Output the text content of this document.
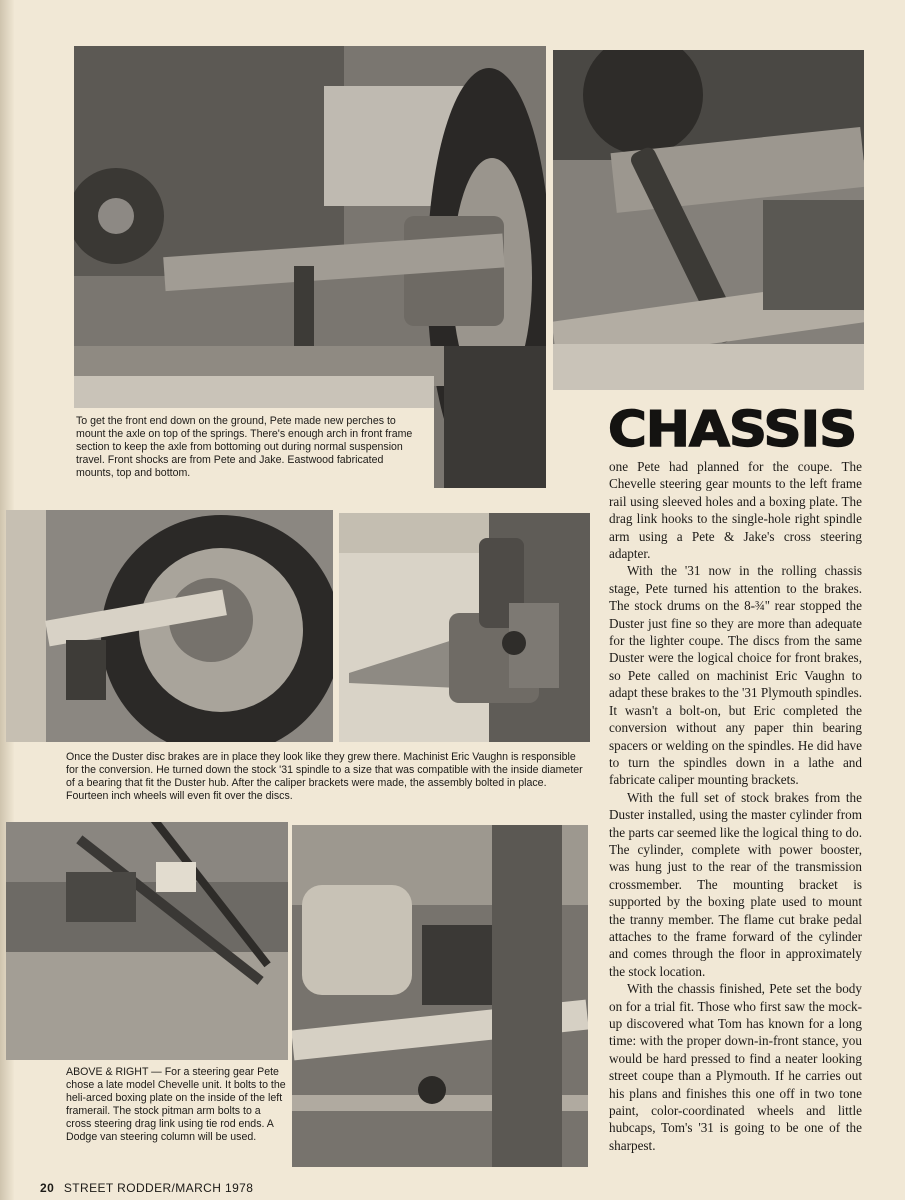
To get the front end down on the ground, Pete made new perches to mount the axle on top of the springs. There's enough arch in front frame section to keep the axle from bottoming out during normal suspension travel. Front shocks are from Pete and Jake. Eastwood fabricated mounts, top and bottom.

CHASSIS

Once the Duster disc brakes are in place they look like they grew there. Machinist Eric Vaughn is responsible for the conversion. He turned down the stock '31 spindle to a size that was compatible with the inside diameter of a bearing that fit the Duster hub. After the caliper brackets were made, the assembly bolted in place. Fourteen inch wheels will even fit over the discs.

ABOVE & RIGHT — For a steering gear Pete chose a late model Chevelle unit. It bolts to the heli-arced boxing plate on the inside of the left framerail. The stock pitman arm bolts to a cross steering drag link using tie rod ends. A Dodge van steering column will be used.

one Pete had planned for the coupe. The Chevelle steering gear mounts to the left frame rail using sleeved holes and a boxing plate. The drag link hooks to the single-hole right spindle arm using a Pete & Jake's cross steering adapter.

With the '31 now in the rolling chassis stage, Pete turned his attention to the brakes. The stock drums on the 8-¾'' rear stopped the Duster just fine so they are more than adequate for the lighter coupe. The discs from the same Duster were the logical choice for front brakes, so Pete called on machinist Eric Vaughn to adapt these brakes to the '31 Plymouth spindles. It wasn't a bolt-on, but Eric completed the conversion without any paper thin bearing spacers or welding on the spindles. He did have to turn the spindles down in a lathe and fabricate caliper mounting brackets.

With the full set of stock brakes from the Duster installed, using the master cylinder from the parts car seemed like the logical thing to do. The cylinder, complete with power booster, was hung just to the rear of the transmission crossmember. The mounting bracket is supported by the boxing plate used to mount the tranny member. The flame cut brake pedal attaches to the frame forward of the cylinder and comes through the floor in approximately the stock location.

With the chassis finished, Pete set the body on for a trial fit. Those who first saw the mock-up discovered what Tom has known for a long time: with the proper down-in-front stance, you would be hard pressed to find a neater looking street coupe than a Plymouth. If he carries out his plans and finishes this one off in two tone paint, color-coordinated wheels and little hubcaps, Tom's '31 is going to be one of the sharpest.

20 STREET RODDER/MARCH 1978
